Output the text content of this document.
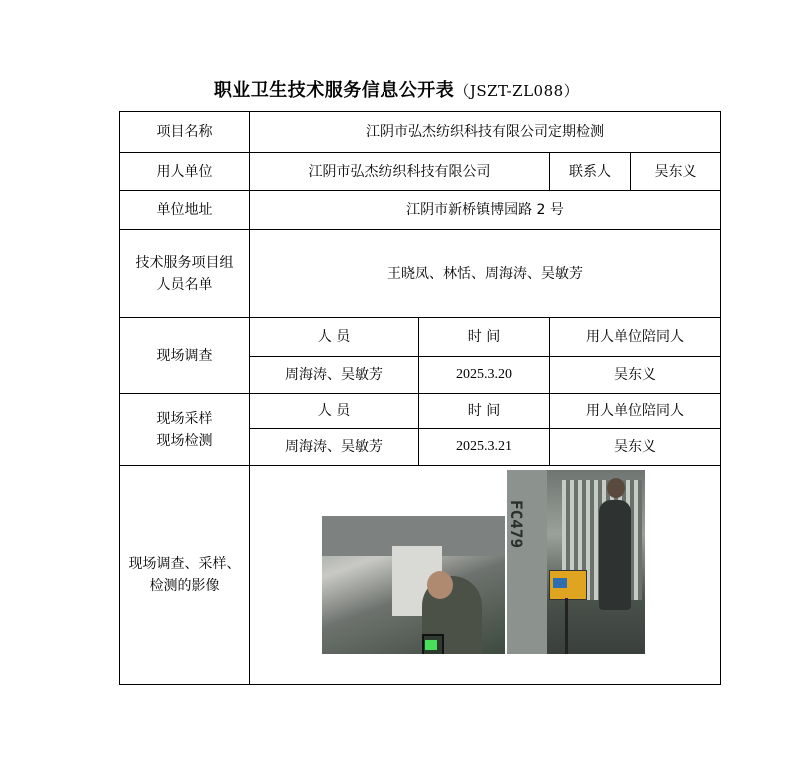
职业卫生技术服务信息公开表（JSZT-ZL088）
项目名称	江阴市弘杰纺织科技有限公司定期检测			
用人单位	江阴市弘杰纺织科技有限公司		联系人	吴东义
单位地址	江阴市新桥镇博园路 2 号			
技术服务项目组人员名单	王晓凤、林恬、周海涛、吴敏芳			
现场调查	人 员	时 间	用人单位陪同人	
	周海涛、吴敏芳	2025.3.20	吴东义	
现场采样
现场检测	人 员	时 间	用人单位陪同人	
	周海涛、吴敏芳	2025.3.21	吴东义	
现场调查、采样、检测的影像	FC479			
